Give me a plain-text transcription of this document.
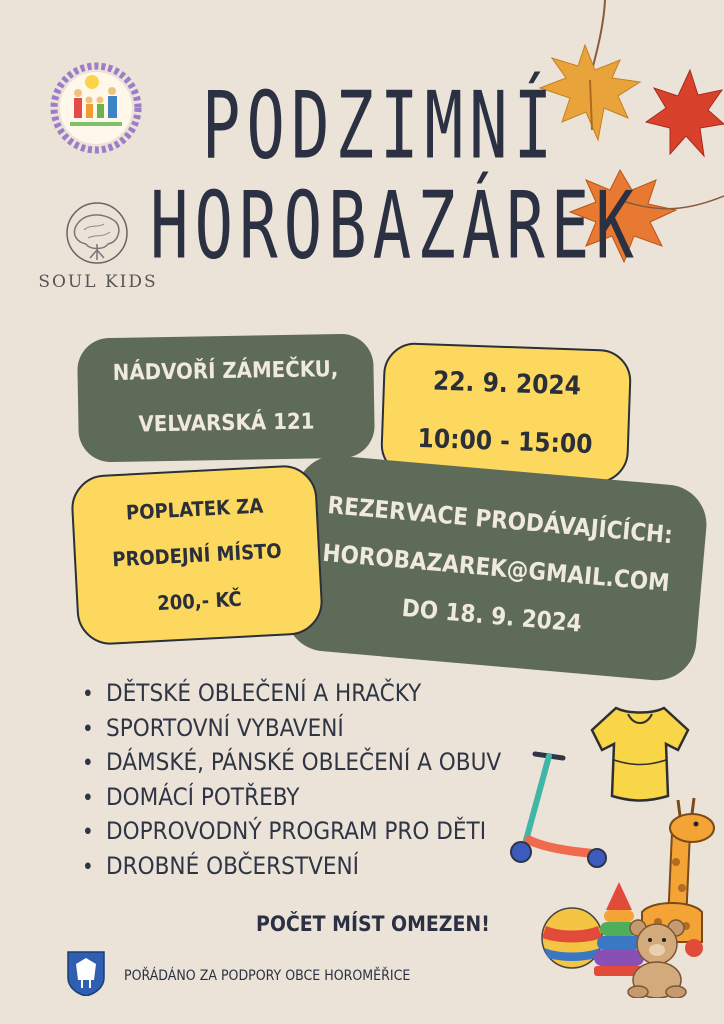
SOUL KIDS
PODZIMNÍ
HOROBAZÁREK
NÁDVOŘÍ ZÁMEČKU,
VELVARSKÁ 121
22. 9. 2024
10:00 - 15:00
REZERVACE PRODÁVAJÍCÍCH:
HOROBAZAREK@GMAIL.COM
DO 18. 9. 2024
POPLATEK ZA
PRODEJNÍ MÍSTO
200,- KČ
• DĚTSKÉ OBLEČENÍ A HRAČKY
• SPORTOVNÍ VYBAVENÍ
• DÁMSKÉ, PÁNSKÉ OBLEČENÍ A OBUV
• DOMÁCÍ POTŘEBY
• DOPROVODNÝ PROGRAM PRO DĚTI
• DROBNÉ OBČERSTVENÍ
POČET MÍST OMEZEN!
POŘÁDÁNO ZA PODPORY OBCE HOROMĚŘICE
